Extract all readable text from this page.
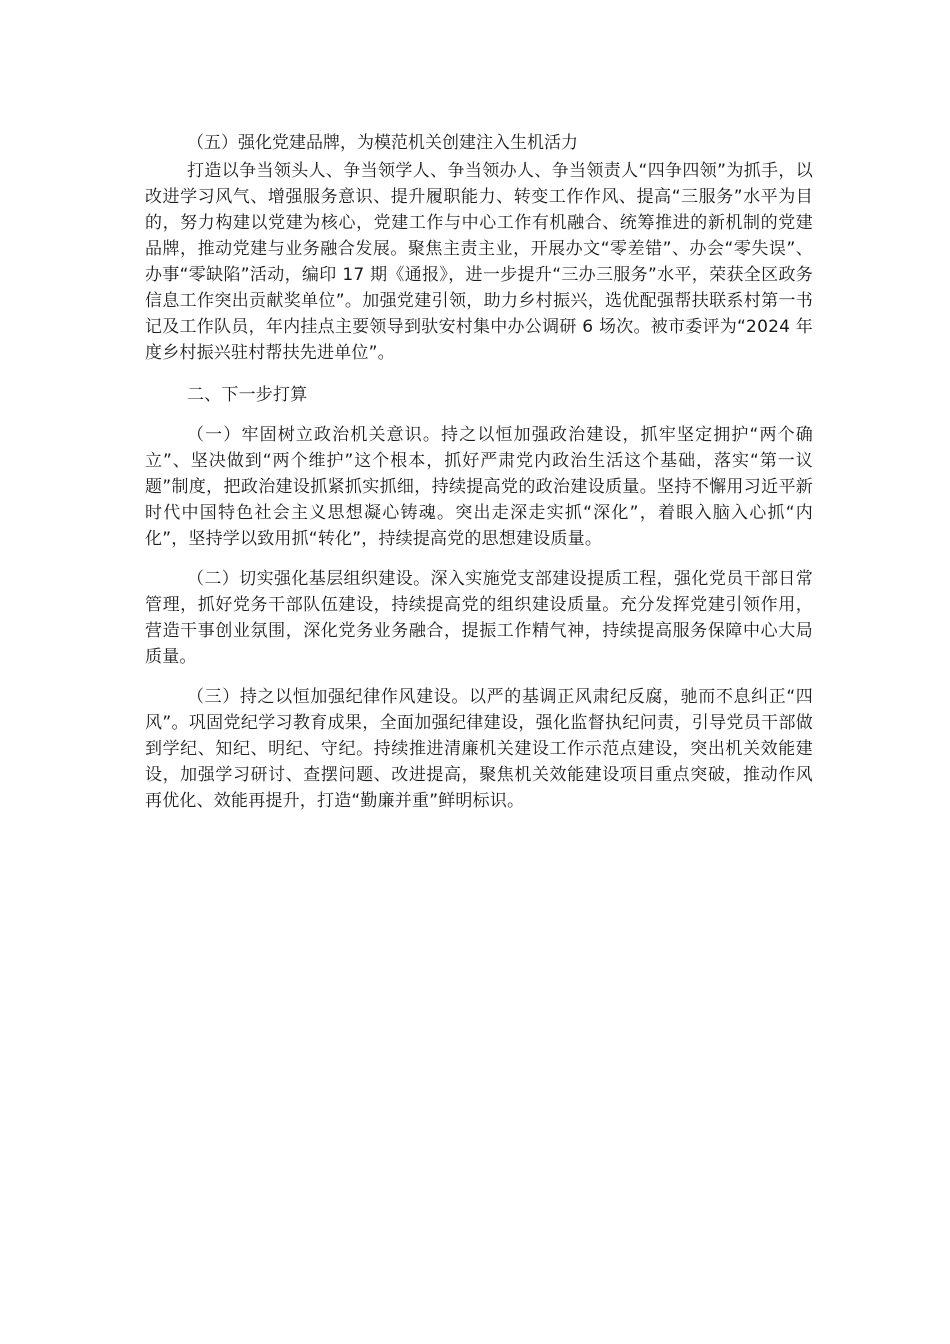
（五）强化党建品牌，为模范机关创建注入生机活力

打造以争当领头人、争当领学人、争当领办人、争当领责人“四争四领”为抓手，以改进学习风气、增强服务意识、提升履职能力、转变工作作风、提高“三服务”水平为目的，努力构建以党建为核心，党建工作与中心工作有机融合、统筹推进的新机制的党建品牌，推动党建与业务融合发展。聚焦主责主业，开展办文“零差错”、办会“零失误”、办事“零缺陷”活动，编印 17 期《通报》，进一步提升“三办三服务”水平，荣获全区政务信息工作突出贡献奖单位”。加强党建引领，助力乡村振兴，选优配强帮扶联系村第一书记及工作队员，年内挂点主要领导到驮安村集中办公调研 6 场次。被市委评为“2024 年度乡村振兴驻村帮扶先进单位”。

二、下一步打算

（一）牢固树立政治机关意识。持之以恒加强政治建设，抓牢坚定拥护“两个确立”、坚决做到“两个维护”这个根本，抓好严肃党内政治生活这个基础，落实“第一议题”制度，把政治建设抓紧抓实抓细，持续提高党的政治建设质量。坚持不懈用习近平新时代中国特色社会主义思想凝心铸魂。突出走深走实抓“深化”，着眼入脑入心抓“内化”，坚持学以致用抓“转化”，持续提高党的思想建设质量。

（二）切实强化基层组织建设。深入实施党支部建设提质工程，强化党员干部日常管理，抓好党务干部队伍建设，持续提高党的组织建设质量。充分发挥党建引领作用，营造干事创业氛围，深化党务业务融合，提振工作精气神，持续提高服务保障中心大局质量。

（三）持之以恒加强纪律作风建设。以严的基调正风肃纪反腐，驰而不息纠正“四风”。巩固党纪学习教育成果，全面加强纪律建设，强化监督执纪问责，引导党员干部做到学纪、知纪、明纪、守纪。持续推进清廉机关建设工作示范点建设，突出机关效能建设，加强学习研讨、查摆问题、改进提高，聚焦机关效能建设项目重点突破，推动作风再优化、效能再提升，打造“勤廉并重”鲜明标识。
